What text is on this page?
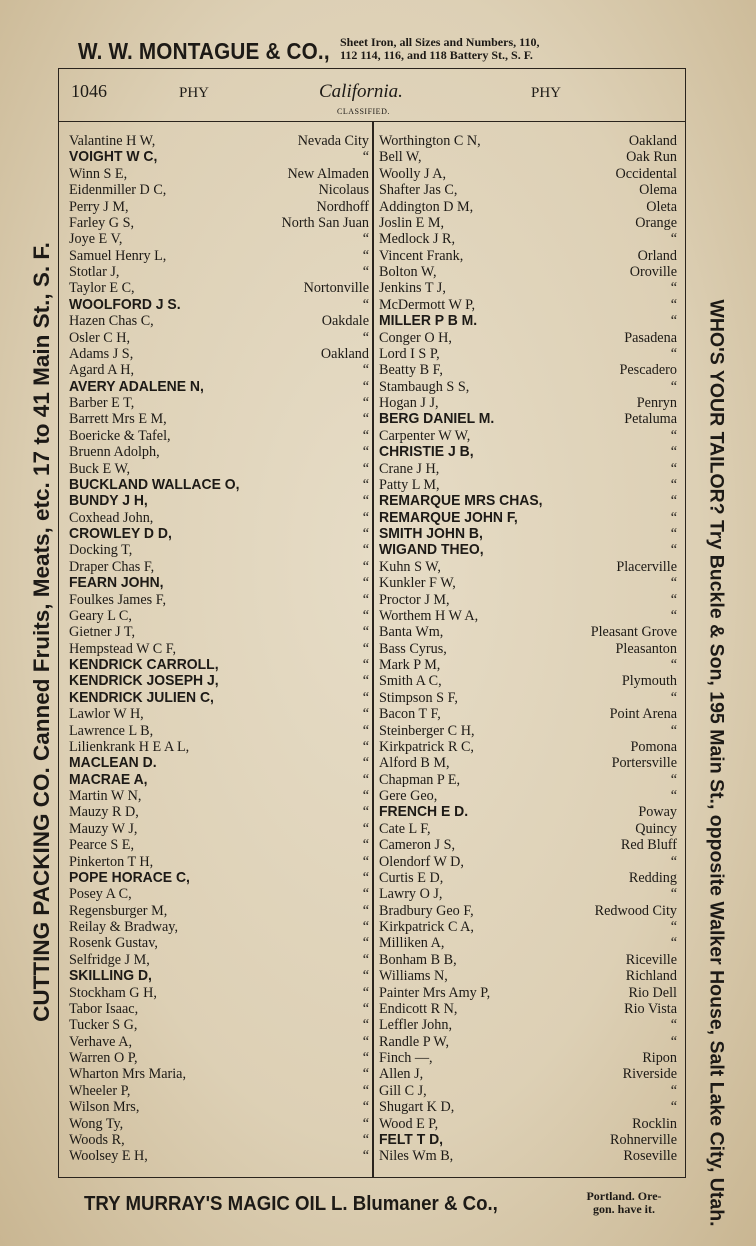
W. W. MONTAGUE & CO., Sheet Iron, all Sizes and Numbers, 110,
112 114, 116, and 118 Battery St., S. F.
CUTTING PACKING CO. Canned Fruits, Meats, etc. 17 to 41 Main St., S. F.	WHO'S YOUR TAILOR? Try Buckle & Son, 195 Main St., opposite Walker House, Salt Lake City, Utah.
1046	PHY	California.
CLASSIFIED.
PHY
Valantine H W,	Nevada City
VOIGHT W C,	“
Winn S E,	New Almaden
Eidenmiller D C,	Nicolaus
Perry J M,	Nordhoff
Farley G S,	North San Juan
Joye E V,	“
Samuel Henry L,	“
Stotlar J,	“
Taylor E C,	Nortonville
WOOLFORD J S.	“
Hazen Chas C,	Oakdale
Osler C H,	“
Adams J S,	Oakland
Agard A H,	“
AVERY ADALENE N,	“
Barber E T,	“
Barrett Mrs E M,	“
Boericke & Tafel,	“
Bruenn Adolph,	“
Buck E W,	“
BUCKLAND WALLACE O,	“
BUNDY J H,	“
Coxhead John,	“
CROWLEY D D,	“
Docking T,	“
Draper Chas F,	“
FEARN JOHN,	“
Foulkes James F,	“
Geary L C,	“
Gietner J T,	“
Hempstead W C F,	“
KENDRICK CARROLL,	“
KENDRICK JOSEPH J,	“
KENDRICK JULIEN C,	“
Lawlor W H,	“
Lawrence L B,	“
Lilienkrank H E A L,	“
MACLEAN D.	“
MACRAE A,	“
Martin W N,	“
Mauzy R D,	“
Mauzy W J,	“
Pearce S E,	“
Pinkerton T H,	“
POPE HORACE C,	“
Posey A C,	“
Regensburger M,	“
Reilay & Bradway,	“
Rosenk Gustav,	“
Selfridge J M,	“
SKILLING D,	“
Stockham G H,	“
Tabor Isaac,	“
Tucker S G,	“
Verhave A,	“
Warren O P,	“
Wharton Mrs Maria,	“
Wheeler P,	“
Wilson Mrs,	“
Wong Ty,	“
Woods R,	“
Woolsey E H,	“
Worthington C N,	Oakland
Bell W,	Oak Run
Woolly J A,	Occidental
Shafter Jas C,	Olema
Addington D M,	Oleta
Joslin E M,	Orange
Medlock J R,	“
Vincent Frank,	Orland
Bolton W,	Oroville
Jenkins T J,	“
McDermott W P,	“
MILLER P B M.	“
Conger O H,	Pasadena
Lord I S P,	“
Beatty B F,	Pescadero
Stambaugh S S,	“
Hogan J J,	Penryn
BERG DANIEL M.	Petaluma
Carpenter W W,	“
CHRISTIE J B,	“
Crane J H,	“
Patty L M,	“
REMARQUE MRS CHAS,	“
REMARQUE JOHN F,	“
SMITH JOHN B,	“
WIGAND THEO,	“
Kuhn S W,	Placerville
Kunkler F W,	“
Proctor J M,	“
Worthem H W A,	“
Banta Wm,	Pleasant Grove
Bass Cyrus,	Pleasanton
Mark P M,	“
Smith A C,	Plymouth
Stimpson S F,	“
Bacon T F,	Point Arena
Steinberger C H,	“
Kirkpatrick R C,	Pomona
Alford B M,	Portersville
Chapman P E,	“
Gere Geo,	“
FRENCH E D.	Poway
Cate L F,	Quincy
Cameron J S,	Red Bluff
Olendorf W D,	“
Curtis E D,	Redding
Lawry O J,	“
Bradbury Geo F,	Redwood City
Kirkpatrick C A,	“
Milliken A,	“
Bonham B B,	Riceville
Williams N,	Richland
Painter Mrs Amy P,	Rio Dell
Endicott R N,	Rio Vista
Leffler John,	“
Randle P W,	“
Finch —,	Ripon
Allen J,	Riverside
Gill C J,	“
Shugart K D,	“
Wood E P,	Rocklin
FELT T D,	Rohnerville
Niles Wm B,	Roseville
TRY MURRAY'S MAGIC OIL L. Blumaner & Co.,	Portland. Ore-
gon. have it.
